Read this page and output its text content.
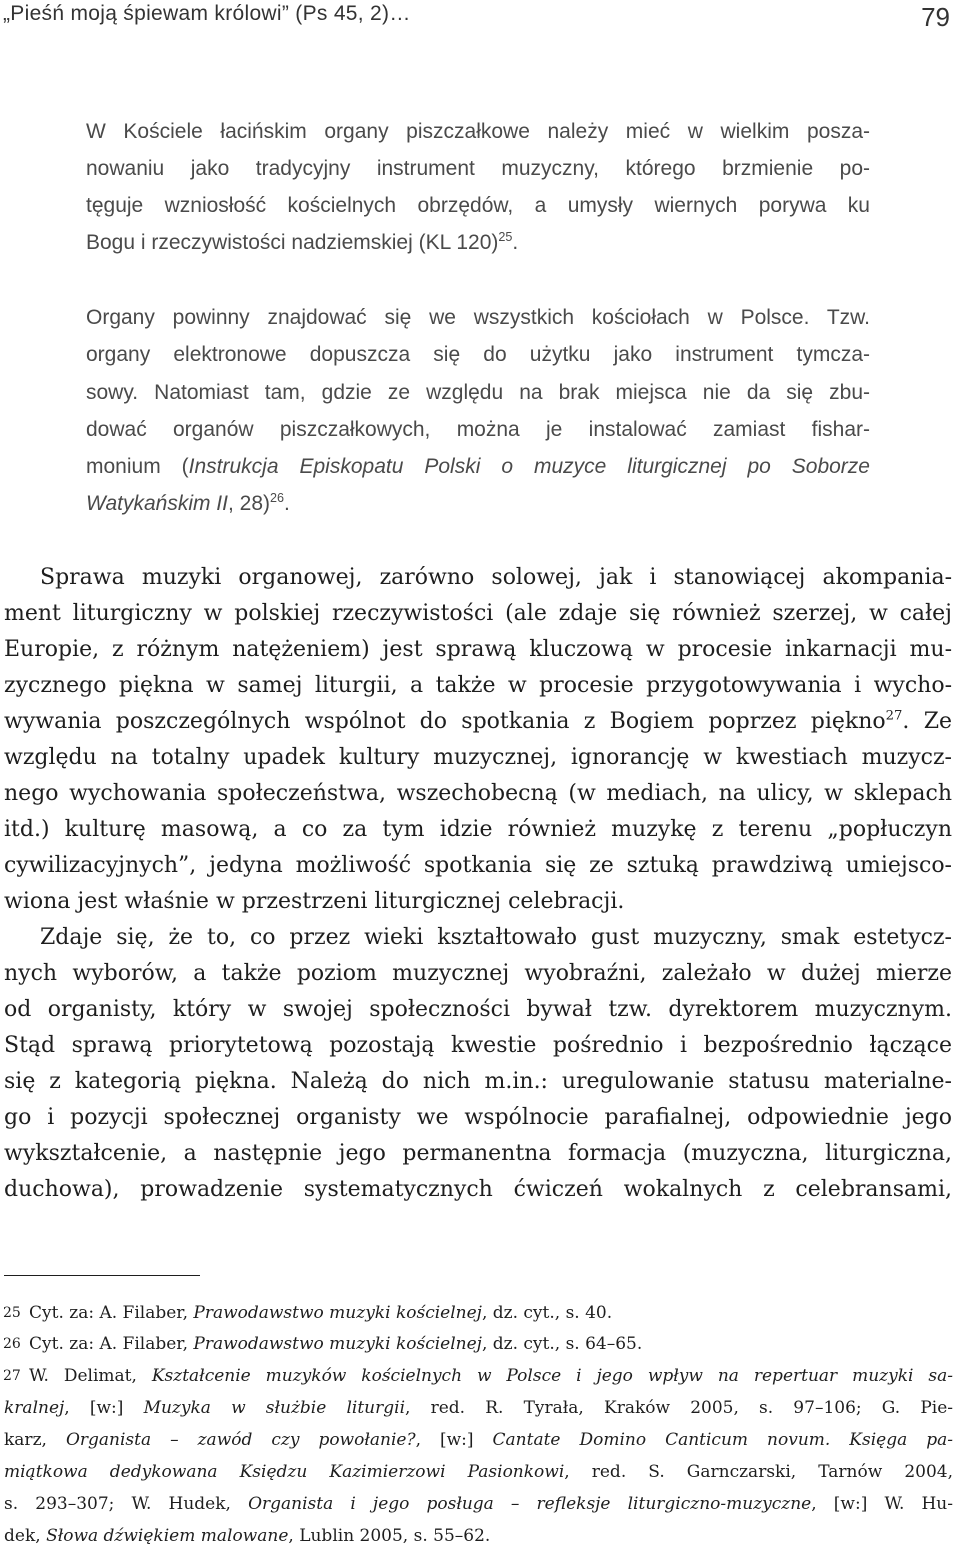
„Pieśń moją śpiewam królowi” (Ps 45, 2)…	79
W Kościele łacińskim organy piszczałkowe należy mieć w wielkim posza-
nowaniu jako tradycyjny instrument muzyczny, którego brzmienie po-
tęguje wzniosłość kościelnych obrzędów, a umysły wiernych porywa ku
Bogu i rzeczywistości nadziemskiej (KL 120)$^{25}$.
Organy powinny znajdować się we wszystkich kościołach w Polsce. Tzw.
organy elektronowe dopuszcza się do użytku jako instrument tymcza-
sowy. Natomiast tam, gdzie ze względu na brak miejsca nie da się zbu-
dować organów piszczałkowych, można je instalować zamiast fishar-
monium (Instrukcja Episkopatu Polski o muzyce liturgicznej po Soborze
Watykańskim II, 28)$^{26}$.
Sprawa muzyki organowej, zarówno solowej, jak i stanowiącej akompania-
ment liturgiczny w polskiej rzeczywistości (ale zdaje się również szerzej, w całej
Europie, z różnym natężeniem) jest sprawą kluczową w procesie inkarnacji mu-
zycznego piękna w samej liturgii, a także w procesie przygotowywania i wycho-
wywania poszczególnych wspólnot do spotkania z Bogiem poprzez piękno$^{27}$. Ze
względu na totalny upadek kultury muzycznej, ignorancję w kwestiach muzycz-
nego wychowania społeczeństwa, wszechobecną (w mediach, na ulicy, w sklepach
itd.) kulturę masową, a co za tym idzie również muzykę z terenu „popłuczyn
cywilizacyjnych”, jedyna możliwość spotkania się ze sztuką prawdziwą umiejsco-
wiona jest właśnie w przestrzeni liturgicznej celebracji.
Zdaje się, że to, co przez wieki kształtowało gust muzyczny, smak estetycz-
nych wyborów, a także poziom muzycznej wyobraźni, zależało w dużej mierze
od organisty, który w swojej społeczności bywał tzw. dyrektorem muzycznym.
Stąd sprawą priorytetową pozostają kwestie pośrednio i bezpośrednio łączące
się z kategorią piękna. Należą do nich m.in.: uregulowanie statusu materialne-
go i pozycji społecznej organisty we wspólnocie parafialnej, odpowiednie jego
wykształcenie, a następnie jego permanentna formacja (muzyczna, liturgiczna,
duchowa), prowadzenie systematycznych ćwiczeń wokalnych z celebransami,
25 Cyt. za: A. Filaber, Prawodawstwo muzyki kościelnej, dz. cyt., s. 40.
26 Cyt. za: A. Filaber, Prawodawstwo muzyki kościelnej, dz. cyt., s. 64–65.
27 W. Delimat, Kształcenie muzyków kościelnych w Polsce i jego wpływ na repertuar muzyki sa-
kralnej, [w:] Muzyka w służbie liturgii, red. R. Tyrała, Kraków 2005, s. 97–106; G. Pie-
karz, Organista – zawód czy powołanie?, [w:] Cantate Domino Canticum novum. Księga pa-
miątkowa dedykowana Księdzu Kazimierzowi Pasionkowi, red. S. Garnczarski, Tarnów 2004,
s. 293–307; W. Hudek, Organista i jego posługa – refleksje liturgiczno-muzyczne, [w:] W. Hu-
dek, Słowa dźwiękiem malowane, Lublin 2005, s. 55–62.
